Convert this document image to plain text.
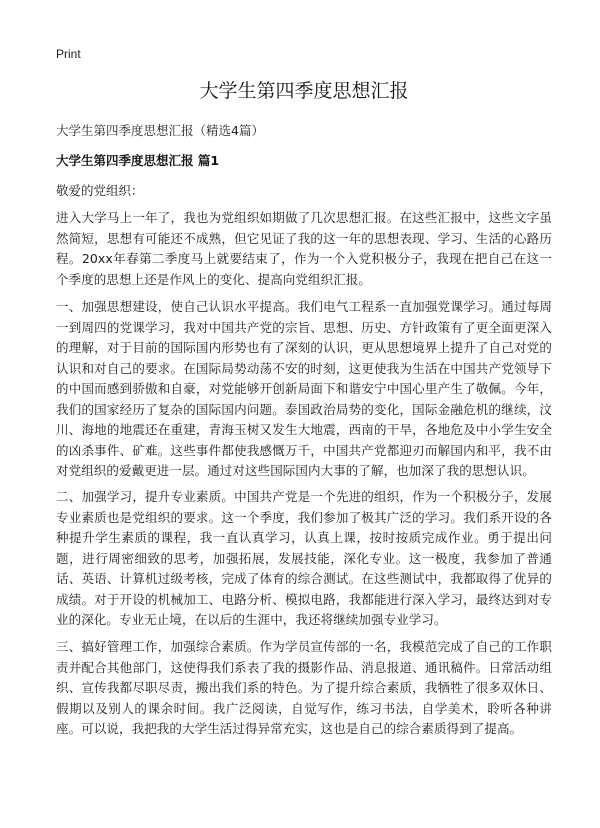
Print
大学生第四季度思想汇报

大学生第四季度思想汇报（精选4篇）

大学生第四季度思想汇报 篇1

敬爱的党组织：

进入大学马上一年了，我也为党组织如期做了几次思想汇报。在这些汇报中，这些文字虽然简短，思想有可能还不成熟，但它见证了我的这一年的思想表现、学习、生活的心路历程。20xx年春第二季度马上就要结束了，作为一个入党积极分子，我现在把自己在这一个季度的思想上还是作风上的变化、提高向党组织汇报。

一、加强思想建设，使自己认识水平提高。我们电气工程系一直加强党课学习。通过每周一到周四的党课学习，我对中国共产党的宗旨、思想、历史、方针政策有了更全面更深入的理解，对于目前的国际国内形势也有了深刻的认识，更从思想境界上提升了自己对党的认识和对自己的要求。在国际局势动荡不安的时刻，这更使我为生活在中国共产党领导下的中国而感到骄傲和自豪，对党能够开创新局面下和谐安宁中国心里产生了敬佩。今年，我们的国家经历了复杂的国际国内问题。泰国政治局势的变化，国际金融危机的继续，汶川、海地的地震还在重建，青海玉树又发生大地震，西南的干旱，各地危及中小学生安全的凶杀事件、矿难。这些事件都使我感慨万千，中国共产党都迎刃而解国内和平，我不由对党组织的爱戴更进一层。通过对这些国际国内大事的了解，也加深了我的思想认识。

二、加强学习，提升专业素质。中国共产党是一个先进的组织，作为一个积极分子，发展专业素质也是党组织的要求。这一个季度，我们参加了极其广泛的学习。我们系开设的各种提升学生素质的课程，我一直认真学习，认真上课，按时按质完成作业。勇于提出问题，进行周密细致的思考，加强拓展，发展技能，深化专业。这一极度，我参加了普通话、英语、计算机过级考核，完成了体育的综合测试。在这些测试中，我都取得了优异的成绩。对于开设的机械加工、电路分析、模拟电路，我都能进行深入学习，最终达到对专业的深化。专业无止境，在以后的生涯中，我还将继续加强专业学习。

三、搞好管理工作，加强综合素质。作为学员宣传部的一名，我模范完成了自己的工作职责并配合其他部门，这使得我们系表了我的摄影作品、消息报道、通讯稿件。日常活动组织、宣传我都尽职尽责，搬出我们系的特色。为了提升综合素质，我牺牲了很多双休日、假期以及别人的课余时间。我广泛阅读，自觉写作，练习书法，自学美术，聆听各种讲座。可以说，我把我的大学生活过得异常充实，这也是自己的综合素质得到了提高。
